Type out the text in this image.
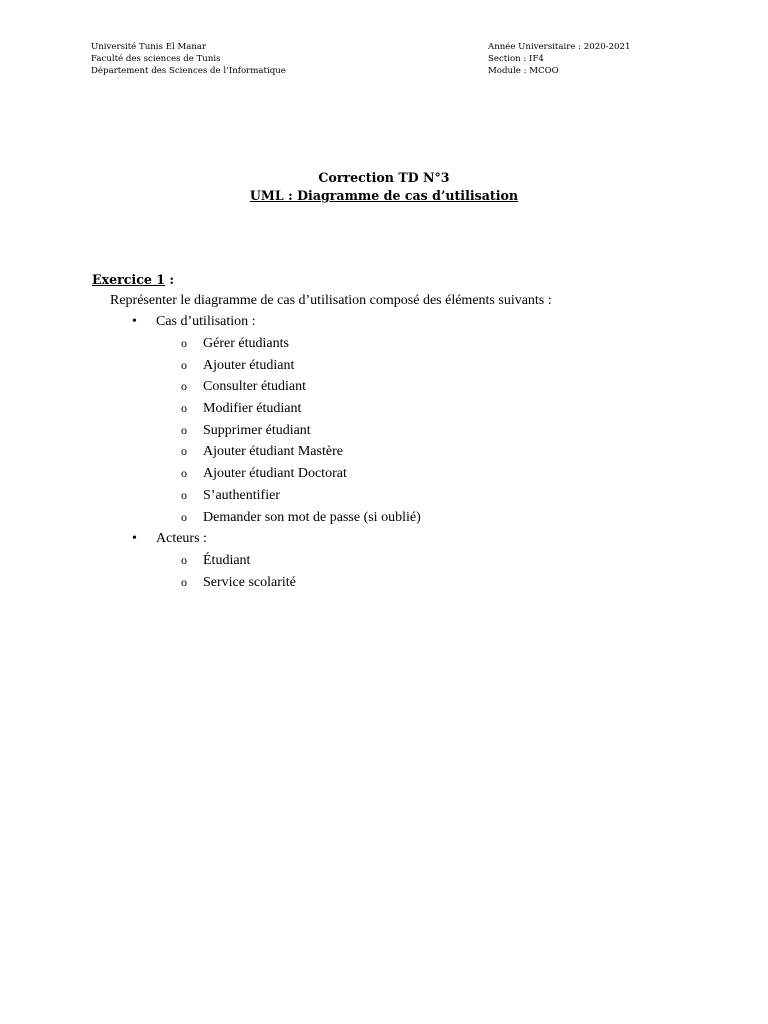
Université Tunis El Manar
Faculté des sciences de Tunis
Département des Sciences de l’Informatique
Année Universitaire : 2020-2021
Section : IF4
Module : MCOO
Correction TD N°3
UML : Diagramme de cas d’utilisation
Exercice 1 :
Représenter le diagramme de cas d’utilisation composé des éléments suivants :
•	Cas d’utilisation :
o Gérer étudiants
o Ajouter étudiant
o Consulter étudiant
o Modifier étudiant
o Supprimer étudiant
o Ajouter étudiant Mastère
o Ajouter étudiant Doctorat
o S’authentifier
o Demander son mot de passe (si oublié)
•	Acteurs :
o Étudiant
o Service scolarité
